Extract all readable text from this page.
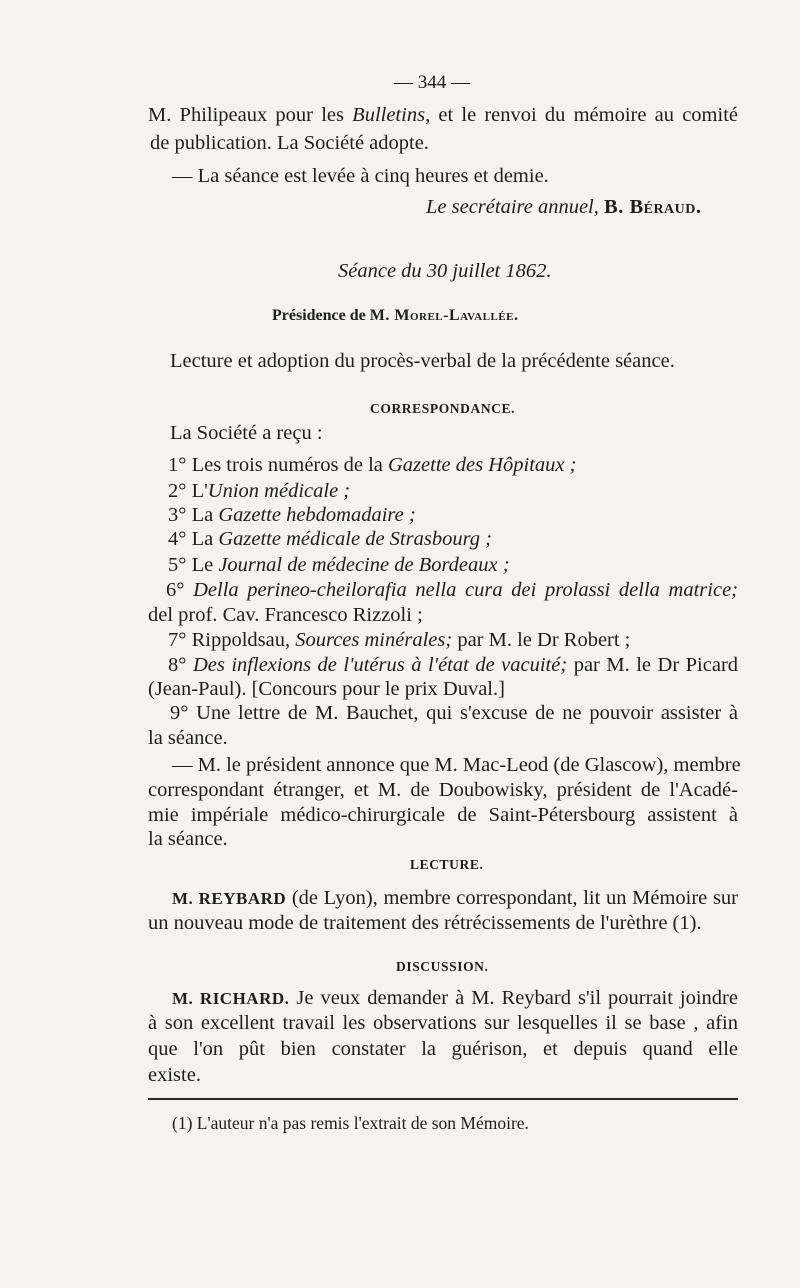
— 344 —
M. Philipeaux pour les Bulletins, et le renvoi du mémoire au comité
de publication. La Société adopte.
— La séance est levée à cinq heures et demie.
Le secrétaire annuel, B. Béraud.
Séance du 30 juillet 1862.
Présidence de M. Morel-Lavallée.
Lecture et adoption du procès-verbal de la précédente séance.
CORRESPONDANCE.
La Société a reçu :
1° Les trois numéros de la Gazette des Hôpitaux ;
2° L'Union médicale ;
3° La Gazette hebdomadaire ;
4° La Gazette médicale de Strasbourg ;
5° Le Journal de médecine de Bordeaux ;
6° Della perineo-cheilorafia nella cura dei prolassi della matrice;
del prof. Cav. Francesco Rizzoli ;
7° Rippoldsau, Sources minérales; par M. le Dr Robert ;
8° Des inflexions de l'utérus à l'état de vacuité; par M. le Dr Picard
(Jean-Paul). [Concours pour le prix Duval.]
9° Une lettre de M. Bauchet, qui s'excuse de ne pouvoir assister à
la séance.
— M. le président annonce que M. Mac-Leod (de Glascow), membre
correspondant étranger, et M. de Doubowisky, président de l'Acadé-
mie impériale médico-chirurgicale de Saint-Pétersbourg assistent à
la séance.
LECTURE.
M. REYBARD (de Lyon), membre correspondant, lit un Mémoire sur
un nouveau mode de traitement des rétrécissements de l'urèthre (1).
DISCUSSION.
M. RICHARD. Je veux demander à M. Reybard s'il pourrait joindre
à son excellent travail les observations sur lesquelles il se base , afin
que l'on pût bien constater la guérison, et depuis quand elle
existe.
(1) L'auteur n'a pas remis l'extrait de son Mémoire.
